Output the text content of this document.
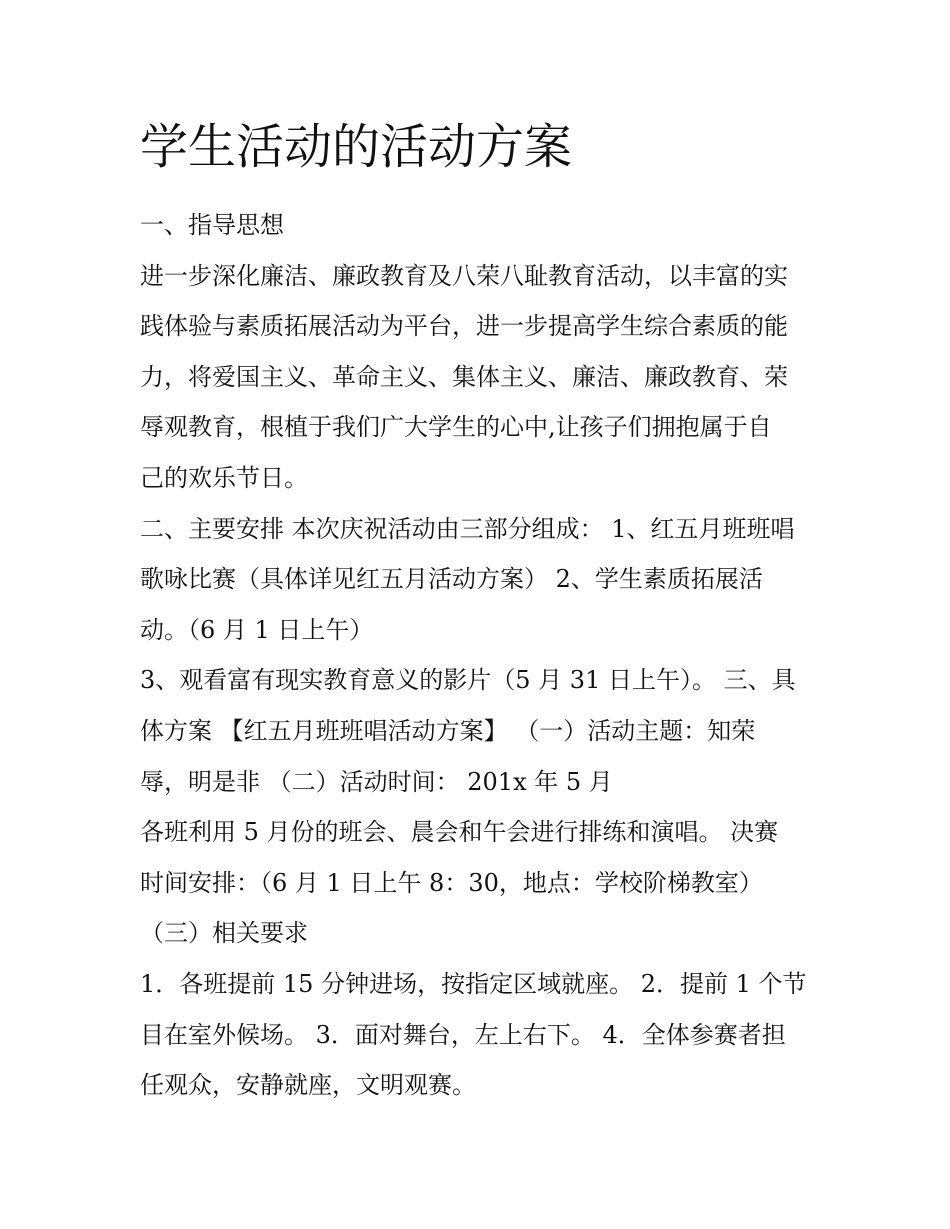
学生活动的活动方案

一、指导思想

进一步深化廉洁、廉政教育及八荣八耻教育活动，以丰富的实
践体验与素质拓展活动为平台，进一步提高学生综合素质的能
力，将爱国主义、革命主义、集体主义、廉洁、廉政教育、荣
辱观教育，根植于我们广大学生的心中,让孩子们拥抱属于自
己的欢乐节日。

二、主要安排 本次庆祝活动由三部分组成： 1、红五月班班唱
歌咏比赛（具体详见红五月活动方案） 2、学生素质拓展活
动。（6 月 1 日上午）

3、观看富有现实教育意义的影片（5 月 31 日上午）。 三、具
体方案 【红五月班班唱活动方案】 （一）活动主题：知荣
辱，明是非 （二）活动时间： 201x 年 5 月

各班利用 5 月份的班会、晨会和午会进行排练和演唱。 决赛
时间安排：（6 月 1 日上午 8：30，地点：学校阶梯教室）

（三）相关要求

1．各班提前 15 分钟进场，按指定区域就座。 2．提前 1 个节
目在室外候场。 3．面对舞台，左上右下。 4．全体参赛者担
任观众，安静就座，文明观赛。
